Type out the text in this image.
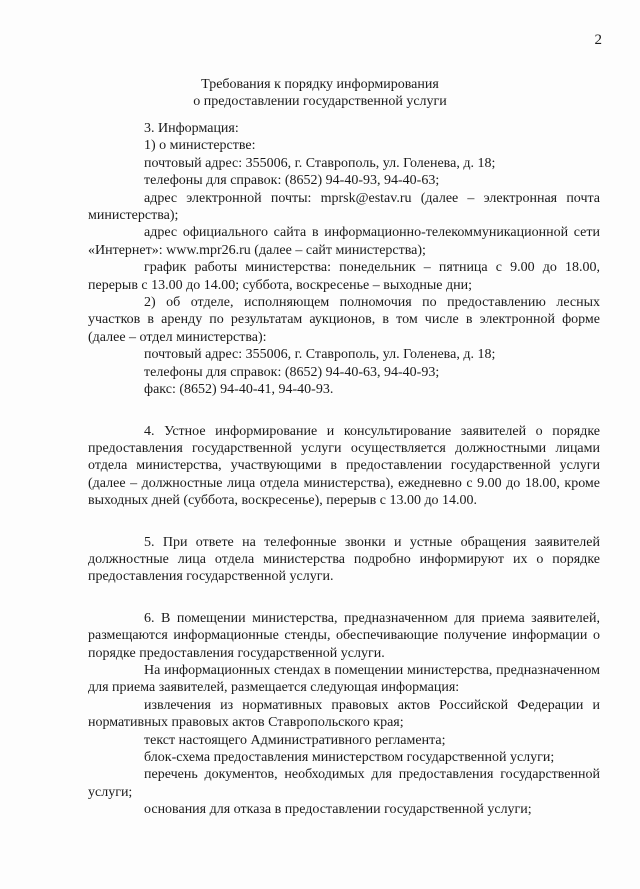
2
Требования к порядку информирования
о предоставлении государственной услуги

3. Информация:

1) о министерстве:

почтовый адрес: 355006, г. Ставрополь, ул. Голенева, д. 18;

телефоны для справок: (8652) 94-40-93, 94-40-63;

адрес электронной почты: mprsk@estav.ru (далее – электронная почта министерства);

адрес официального сайта в информационно-телекоммуникационной сети «Интернет»: www.mpr26.ru (далее – сайт министерства);

график работы министерства: понедельник – пятница с 9.00 до 18.00, перерыв с 13.00 до 14.00; суббота, воскресенье – выходные дни;

2) об отделе, исполняющем полномочия по предоставлению лесных участков в аренду по результатам аукционов, в том числе в электронной форме (далее – отдел министерства):

почтовый адрес: 355006, г. Ставрополь, ул. Голенева, д. 18;

телефоны для справок: (8652) 94-40-63, 94-40-93;

факс: (8652) 94-40-41, 94-40-93.

4. Устное информирование и консультирование заявителей о порядке предоставления государственной услуги осуществляется должностными лицами отдела министерства, участвующими в предоставлении государственной услуги (далее – должностные лица отдела министерства), ежедневно с 9.00 до 18.00, кроме выходных дней (суббота, воскресенье), перерыв с 13.00 до 14.00.

5. При ответе на телефонные звонки и устные обращения заявителей должностные лица отдела министерства подробно информируют их о порядке предоставления государственной услуги.

6. В помещении министерства, предназначенном для приема заявителей, размещаются информационные стенды, обеспечивающие получение информации о порядке предоставления государственной услуги.

На информационных стендах в помещении министерства, предназначенном для приема заявителей, размещается следующая информация:

извлечения из нормативных правовых актов Российской Федерации и нормативных правовых актов Ставропольского края;

текст настоящего Административного регламента;

блок-схема предоставления министерством государственной услуги;

перечень документов, необходимых для предоставления государственной услуги;

основания для отказа в предоставлении государственной услуги;
